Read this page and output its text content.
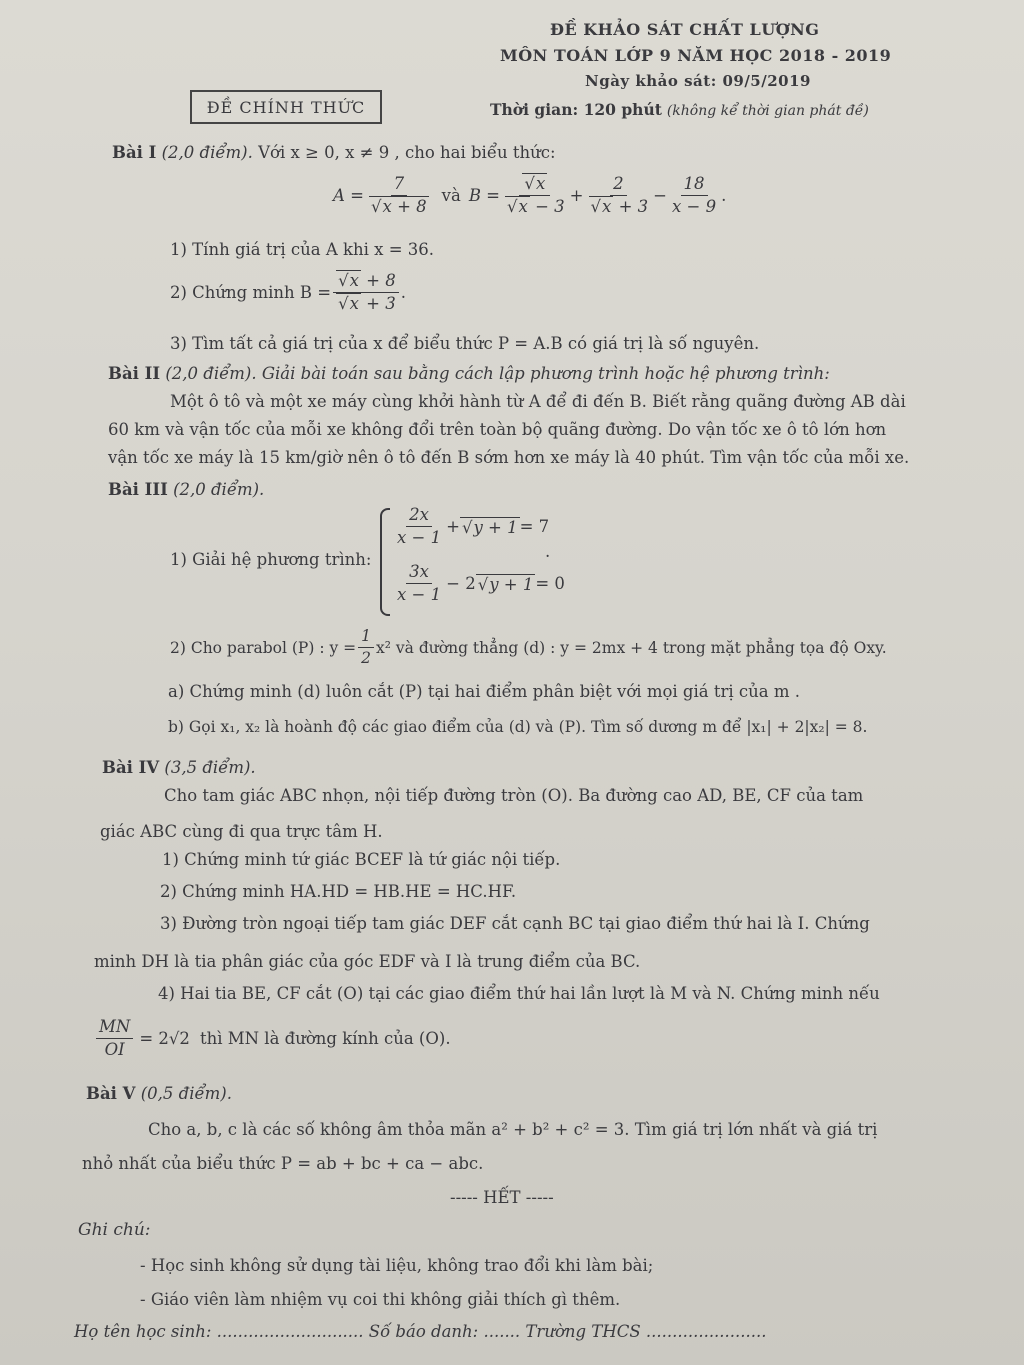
ĐỀ KHẢO SÁT CHẤT LƯỢNG
MÔN TOÁN LỚP 9 NĂM HỌC 2018 - 2019
Ngày khảo sát: 09/5/2019
ĐỀ CHÍNH THỨC	Thời gian: 120 phút (không kể thời gian phát đề)
Bài I (2,0 điểm). Với x ≥ 0, x ≠ 9 , cho hai biểu thức:
A = 7
√ x + 8 và B = √ x
√ x − 3 + 2
√ $x + 3 - \frac{18}{x - 9}$ .
1) Tính giá trị của A khi x = 36.
2) Chứng minh B = √ x + 8
√ x + 3 .
3) Tìm tất cả giá trị của x để biểu thức P = A.B có giá trị là số nguyên.
Bài II (2,0 điểm). Giải bài toán sau bằng cách lập phương trình hoặc hệ phương trình:
Một ô tô và một xe máy cùng khởi hành từ A để đi đến B. Biết rằng quãng đường AB dài
60 km và vận tốc của mỗi xe không đổi trên toàn bộ quãng đường. Do vận tốc xe ô tô lớn hơn
vận tốc xe máy là 15 km/giờ nên ô tô đến B sớm hơn xe máy là 40 phút. Tìm vận tốc của mỗi xe.
Bài III (2,0 điểm).
1) Giải hệ phương trình:
$\frac{2x}{x - 1}$ + √ y + 1 = 7
$\frac{3x}{x - 1} - 2$ √ y + 1 = 0
.
2) Cho parabol (P) : $y = \frac{1}{2} x^2$ và đường thẳng (d) : y = 2mx + 4 trong mặt phẳng tọa độ Oxy.
a) Chứng minh (d) luôn cắt (P) tại hai điểm phân biệt với mọi giá trị của m .
b) Gọi x₁, x₂ là hoành độ các giao điểm của (d) và (P). Tìm số dương m để |x₁| + 2|x₂| = 8.
Bài IV (3,5 điểm).
Cho tam giác ABC nhọn, nội tiếp đường tròn (O). Ba đường cao AD, BE, CF của tam
giác ABC cùng đi qua trực tâm H.
1) Chứng minh tứ giác BCEF là tứ giác nội tiếp.
2) Chứng minh HA.HD = HB.HE = HC.HF.
3) Đường tròn ngoại tiếp tam giác DEF cắt cạnh BC tại giao điểm thứ hai là I. Chứng
minh DH là tia phân giác của góc EDF và I là trung điểm của BC.
4) Hai tia BE, CF cắt (O) tại các giao điểm thứ hai lần lượt là M và N. Chứng minh nếu
$\frac{MN}{OI} = 2√2$ thì MN là đường kính của (O).
Bài V (0,5 điểm).
Cho a, b, c là các số không âm thỏa mãn a² + b² + c² = 3. Tìm giá trị lớn nhất và giá trị
nhỏ nhất của biểu thức P = ab + bc + ca − abc.
----- HẾT -----
Ghi chú:
- Học sinh không sử dụng tài liệu, không trao đổi khi làm bài;
- Giáo viên làm nhiệm vụ coi thi không giải thích gì thêm.
Họ tên học sinh: ............................ Số báo danh: ....... Trường THCS .......................
